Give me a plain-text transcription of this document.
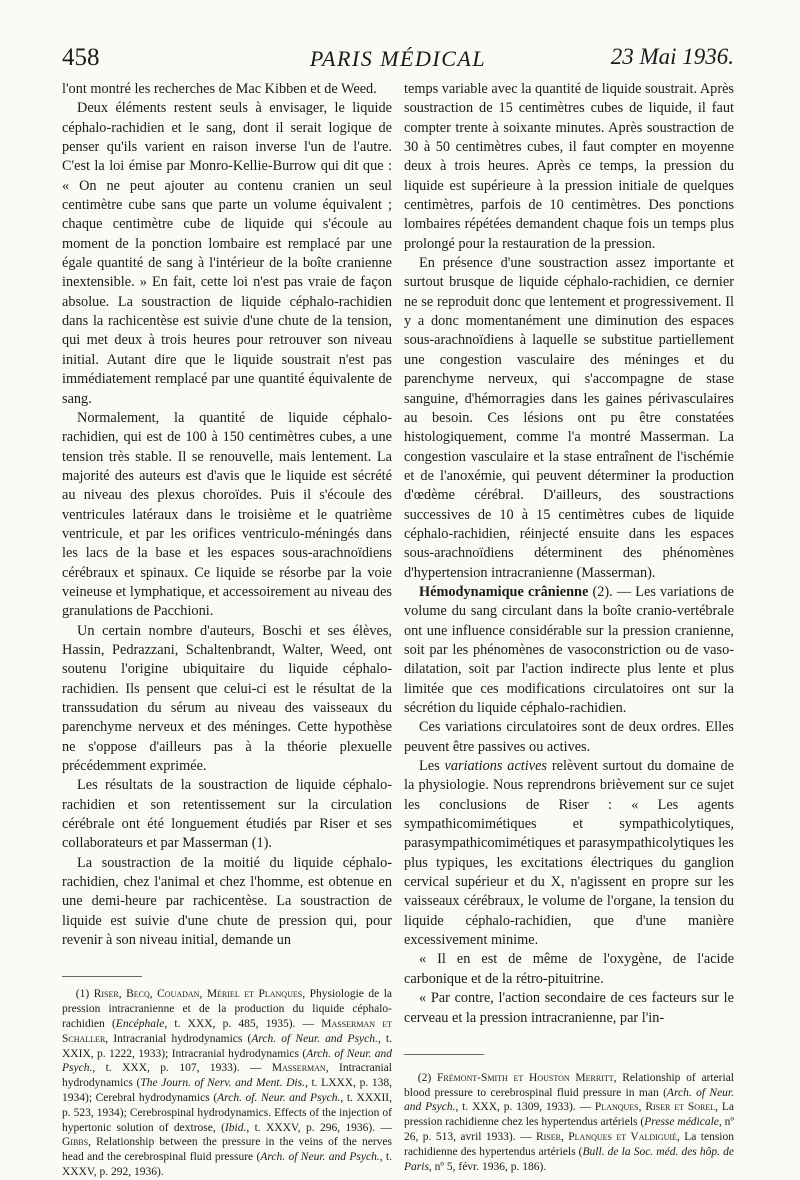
458	PARIS MÉDICAL	23 Mai 1936.

l'ont montré les recherches de Mac Kibben et de Weed.

Deux éléments restent seuls à envisager, le liquide céphalo-rachidien et le sang, dont il serait logique de penser qu'ils varient en raison inverse l'un de l'autre. C'est la loi émise par Monro-Kellie-Burrow qui dit que : « On ne peut ajouter au contenu cranien un seul centimètre cube sans que parte un volume équivalent ; chaque centimètre cube de liquide qui s'écoule au moment de la ponction lombaire est remplacé par une égale quantité de sang à l'intérieur de la boîte cranienne inextensible. » En fait, cette loi n'est pas vraie de façon absolue. La soustraction de liquide céphalo-rachidien dans la rachicentèse est suivie d'une chute de la tension, qui met deux à trois heures pour retrouver son niveau initial. Autant dire que le liquide soustrait n'est pas immédiatement remplacé par une quantité équivalente de sang.

Normalement, la quantité de liquide céphalo-rachidien, qui est de 100 à 150 centimètres cubes, a une tension très stable. Il se renouvelle, mais lentement. La majorité des auteurs est d'avis que le liquide est sécrété au niveau des plexus choroïdes. Puis il s'écoule des ventricules latéraux dans le troisième et le quatrième ventricule, et par les orifices ventriculo-méningés dans les lacs de la base et les espaces sous-arachnoïdiens cérébraux et spinaux. Ce liquide se résorbe par la voie veineuse et lymphatique, et accessoirement au niveau des granulations de Pacchioni.

Un certain nombre d'auteurs, Boschi et ses élèves, Hassin, Pedrazzani, Schaltenbrandt, Walter, Weed, ont soutenu l'origine ubiquitaire du liquide céphalo-rachidien. Ils pensent que celui-ci est le résultat de la transsudation du sérum au niveau des vaisseaux du parenchyme nerveux et des méninges. Cette hypothèse ne s'oppose d'ailleurs pas à la théorie plexuelle précédemment exprimée.

Les résultats de la soustraction de liquide céphalo-rachidien et son retentissement sur la circulation cérébrale ont été longuement étudiés par Riser et ses collaborateurs et par Masserman (1).

La soustraction de la moitié du liquide céphalo-rachidien, chez l'animal et chez l'homme, est obtenue en une demi-heure par rachicentèse. La soustraction de liquide est suivie d'une chute de pression qui, pour revenir à son niveau initial, demande un

(1) Riser, Becq, Couadan, Mériel et Planques, Physiologie de la pression intracranienne et de la production du liquide céphalo-rachidien (Encéphale, t. XXX, p. 485, 1935). — Masserman et Schaller, Intracranial hydrodynamics (Arch. of Neur. and Psych., t. XXIX, p. 1222, 1933); Intracranial hydrodynamics (Arch. of Neur. and Psych., t. XXX, p. 107, 1933). — Masserman, Intracranial hydrodynamics (The Journ. of Nerv. and Ment. Dis., t. LXXX, p. 138, 1934); Cerebral hydrodynamics (Arch. of. Neur. and Psych., t. XXXII, p. 523, 1934); Cerebrospinal hydrodynamics. Effects of the injection of hypertonic solution of dextrose, (Ibid., t. XXXV, p. 296, 1936). — Gibbs, Relationship between the pressure in the veins of the nerves head and the cerebrospinal fluid pressure (Arch. of Neur. and Psych., t. XXXV, p. 292, 1936).

temps variable avec la quantité de liquide soustrait. Après soustraction de 15 centimètres cubes de liquide, il faut compter trente à soixante minutes. Après soustraction de 30 à 50 centimètres cubes, il faut compter en moyenne deux à trois heures. Après ce temps, la pression du liquide est supérieure à la pression initiale de quelques centimètres, parfois de 10 centimètres. Des ponctions lombaires répétées demandent chaque fois un temps plus prolongé pour la restauration de la pression.

En présence d'une soustraction assez importante et surtout brusque de liquide céphalo-rachidien, ce dernier ne se reproduit donc que lentement et progressivement. Il y a donc momentanément une diminution des espaces sous-arachnoïdiens à laquelle se substitue partiellement une congestion vasculaire des méninges et du parenchyme nerveux, qui s'accompagne de stase sanguine, d'hémorragies dans les gaines périvasculaires au besoin. Ces lésions ont pu être constatées histologiquement, comme l'a montré Masserman. La congestion vasculaire et la stase entraînent de l'ischémie et de l'anoxémie, qui peuvent déterminer la production d'œdème cérébral. D'ailleurs, des soustractions successives de 10 à 15 centimètres cubes de liquide céphalo-rachidien, réinjecté ensuite dans les espaces sous-arachnoïdiens déterminent des phénomènes d'hypertension intracranienne (Masserman).

Hémodynamique crânienne (2). — Les variations de volume du sang circulant dans la boîte cranio-vertébrale ont une influence considérable sur la pression cranienne, soit par les phénomènes de vasoconstriction ou de vaso-dilatation, soit par l'action indirecte plus lente et plus limitée que ces modifications circulatoires ont sur la sécrétion du liquide céphalo-rachidien.

Ces variations circulatoires sont de deux ordres. Elles peuvent être passives ou actives.

Les variations actives relèvent surtout du domaine de la physiologie. Nous reprendrons brièvement sur ce sujet les conclusions de Riser : « Les agents sympathicomimétiques et sympathicolytiques, parasympathicomimétiques et parasympathicolytiques les plus typiques, les excitations électriques du ganglion cervical supérieur et du X, n'agissent en propre sur les vaisseaux cérébraux, le volume de l'organe, la tension du liquide céphalo-rachidien, que d'une manière excessivement minime.

« Il en est de même de l'oxygène, de l'acide carbonique et de la rétro-pituitrine.

« Par contre, l'action secondaire de ces facteurs sur le cerveau et la pression intracranienne, par l'in-

(2) Frémont-Smith et Houston Merritt, Relationship of arterial blood pressure to cerebrospinal fluid pressure in man (Arch. of Neur. and Psych., t. XXX, p. 1309, 1933). — Planques, Riser et Sorel, La pression rachidienne chez les hypertendus artériels (Presse médicale, nº 26, p. 513, avril 1933). — Riser, Planques et Valdiguié, La tension rachidienne des hypertendus artériels (Bull. de la Soc. méd. des hôp. de Paris, nº 5, févr. 1936, p. 186).
